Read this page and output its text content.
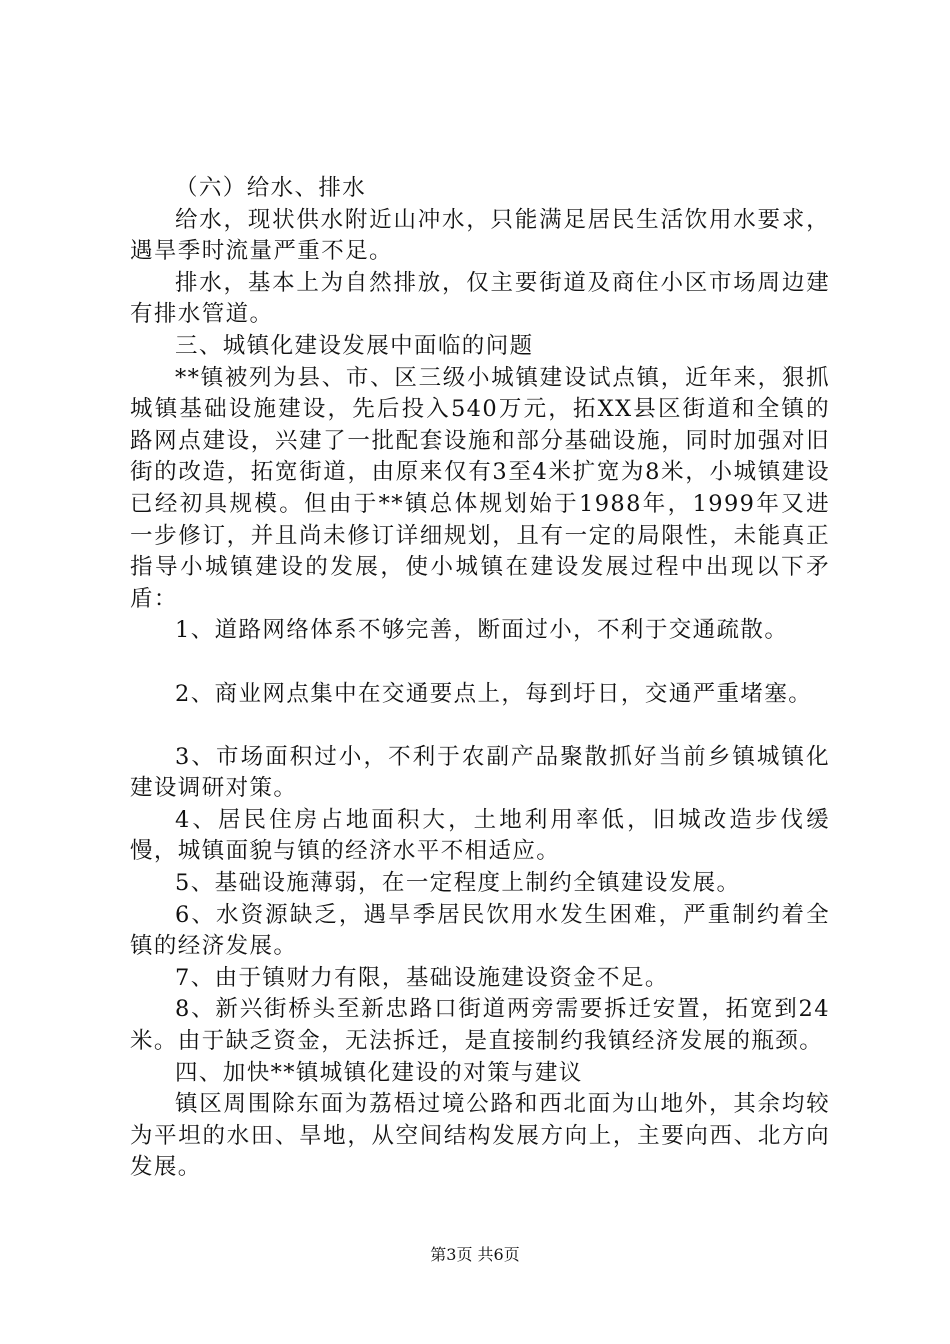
（六）给水、排水

给水，现状供水附近山冲水，只能满足居民生活饮用水要求，遇旱季时流量严重不足。

排水，基本上为自然排放，仅主要街道及商住小区市场周边建有排水管道。

三、城镇化建设发展中面临的问题

**镇被列为县、市、区三级小城镇建设试点镇，近年来，狠抓城镇基础设施建设，先后投入540万元，拓XX县区街道和全镇的路网点建设，兴建了一批配套设施和部分基础设施，同时加强对旧街的改造，拓宽街道，由原来仅有3至4米扩宽为8米，小城镇建设已经初具规模。但由于**镇总体规划始于1988年，1999年又进一步修订，并且尚未修订详细规划，且有一定的局限性，未能真正指导小城镇建设的发展，使小城镇在建设发展过程中出现以下矛盾：

1、道路网络体系不够完善，断面过小，不利于交通疏散。

2、商业网点集中在交通要点上，每到圩日，交通严重堵塞。

3、市场面积过小，不利于农副产品聚散抓好当前乡镇城镇化建设调研对策。

4、居民住房占地面积大，土地利用率低，旧城改造步伐缓慢，城镇面貌与镇的经济水平不相适应。

5、基础设施薄弱，在一定程度上制约全镇建设发展。

6、水资源缺乏，遇旱季居民饮用水发生困难，严重制约着全镇的经济发展。

7、由于镇财力有限，基础设施建设资金不足。

8、新兴街桥头至新忠路口街道两旁需要拆迁安置，拓宽到24米。由于缺乏资金，无法拆迁，是直接制约我镇经济发展的瓶颈。

四、加快**镇城镇化建设的对策与建议

镇区周围除东面为荔梧过境公路和西北面为山地外，其余均较为平坦的水田、旱地，从空间结构发展方向上，主要向西、北方向发展。

第3页 共6页
